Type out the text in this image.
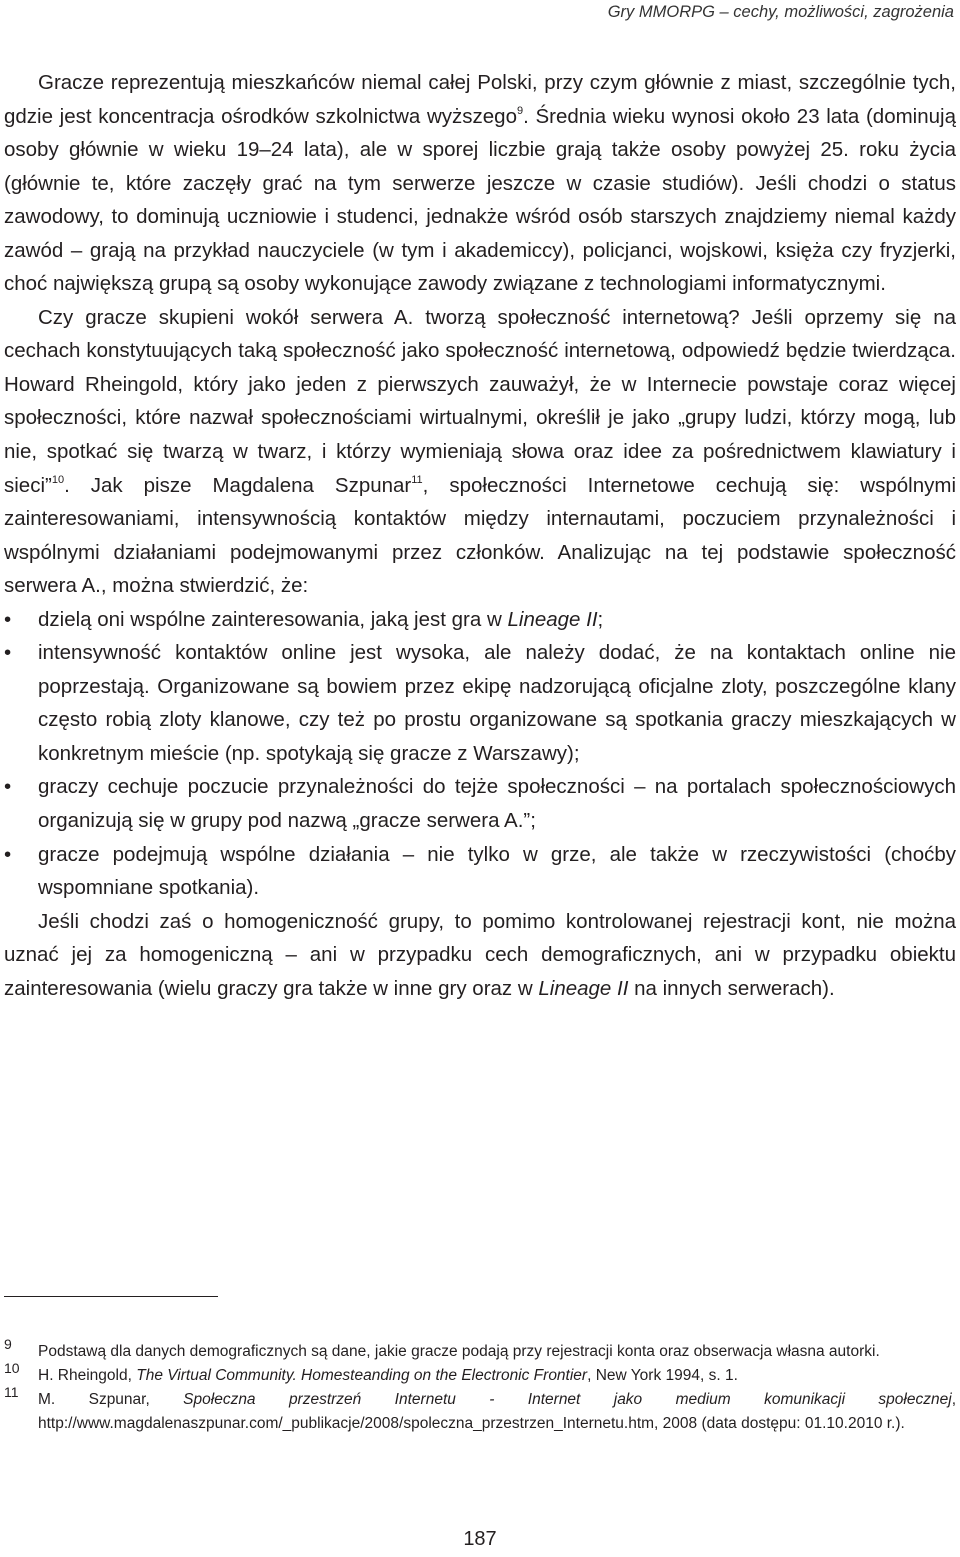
Gry MMORPG – cechy, możliwości, zagrożenia

Gracze reprezentują mieszkańców niemal całej Polski, przy czym głównie z miast, szczególnie tych, gdzie jest koncentracja ośrodków szkolnictwa wyższego$^9$. Średnia wieku wynosi około 23 lata (dominują osoby głównie w wieku 19–24 lata), ale w sporej liczbie grają także osoby powyżej 25. roku życia (głównie te, które zaczęły grać na tym serwerze jeszcze w czasie studiów). Jeśli chodzi o status zawodowy, to dominują uczniowie i studenci, jednakże wśród osób starszych znajdziemy niemal każdy zawód – grają na przykład nauczyciele (w tym i akademiccy), policjanci, wojskowi, księża czy fryzjerki, choć największą grupą są osoby wykonujące zawody związane z technologiami informatycznymi.

Czy gracze skupieni wokół serwera A. tworzą społeczność internetową? Jeśli oprzemy się na cechach konstytuujących taką społeczność jako społeczność internetową, odpowiedź będzie twierdząca. Howard Rheingold, który jako jeden z pierwszych zauważył, że w Internecie powstaje coraz więcej społeczności, które nazwał społecznościami wirtualnymi, określił je jako „grupy ludzi, którzy mogą, lub nie, spotkać się twarzą w twarz, i którzy wymieniają słowa oraz idee za pośrednictwem klawiatury i sieci”$^{10}$. Jak pisze Magdalena Szpunar$^{11}$, społeczności Internetowe cechują się: wspólnymi zainteresowaniami, intensywnością kontaktów między internautami, poczuciem przynależności i wspólnymi działaniami podejmowanymi przez członków. Analizując na tej podstawie społeczność serwera A., można stwierdzić, że:

• dzielą oni wspólne zainteresowania, jaką jest gra w Lineage II;
• intensywność kontaktów online jest wysoka, ale należy dodać, że na kontaktach online nie poprzestają. Organizowane są bowiem przez ekipę nadzorującą oficjalne zloty, poszczególne klany często robią zloty klanowe, czy też po prostu organizowane są spotkania graczy mieszkających w konkretnym mieście (np. spotykają się gracze z Warszawy);
• graczy cechuje poczucie przynależności do tejże społeczności – na portalach społecznościowych organizują się w grupy pod nazwą „gracze serwera A.”;
• gracze podejmują wspólne działania – nie tylko w grze, ale także w rzeczywistości (choćby wspomniane spotkania).

Jeśli chodzi zaś o homogeniczność grupy, to pomimo kontrolowanej rejestracji kont, nie można uznać jej za homogeniczną – ani w przypadku cech demograficznych, ani w przypadku obiektu zainteresowania (wielu graczy gra także w inne gry oraz w Lineage II na innych serwerach).

9 Podstawą dla danych demograficznych są dane, jakie gracze podają przy rejestracji konta oraz obserwacja własna autorki.
10 H. Rheingold, The Virtual Community. Homesteanding on the Electronic Frontier, New York 1994, s. 1.
11 M. Szpunar, Społeczna przestrzeń Internetu - Internet jako medium komunikacji społecznej, http://www.magdalenaszpunar.com/_publikacje/2008/spoleczna_przestrzen_Internetu.htm, 2008 (data dostępu: 01.10.2010 r.).
187
